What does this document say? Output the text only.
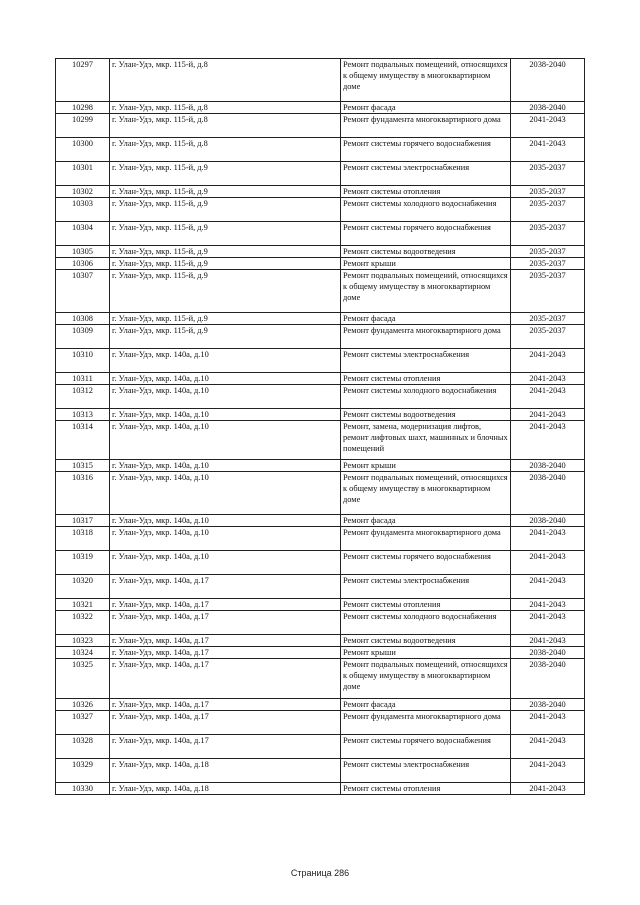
10297	г. Улан-Удэ, мкр. 115-й, д.8	Ремонт подвальных помещений, относящихся к общему имуществу в многоквартирном доме	2038-2040
10298	г. Улан-Удэ, мкр. 115-й, д.8	Ремонт фасада	2038-2040
10299	г. Улан-Удэ, мкр. 115-й, д.8	Ремонт фундамента многоквартирного дома	2041-2043
10300	г. Улан-Удэ, мкр. 115-й, д.8	Ремонт системы горячего водоснабжения	2041-2043
10301	г. Улан-Удэ, мкр. 115-й, д.9	Ремонт системы электроснабжения	2035-2037
10302	г. Улан-Удэ, мкр. 115-й, д.9	Ремонт системы отопления	2035-2037
10303	г. Улан-Удэ, мкр. 115-й, д.9	Ремонт системы холодного водоснабжения	2035-2037
10304	г. Улан-Удэ, мкр. 115-й, д.9	Ремонт системы горячего водоснабжения	2035-2037
10305	г. Улан-Удэ, мкр. 115-й, д.9	Ремонт системы водоотведения	2035-2037
10306	г. Улан-Удэ, мкр. 115-й, д.9	Ремонт крыши	2035-2037
10307	г. Улан-Удэ, мкр. 115-й, д.9	Ремонт подвальных помещений, относящихся к общему имуществу в многоквартирном доме	2035-2037
10308	г. Улан-Удэ, мкр. 115-й, д.9	Ремонт фасада	2035-2037
10309	г. Улан-Удэ, мкр. 115-й, д.9	Ремонт фундамента многоквартирного дома	2035-2037
10310	г. Улан-Удэ, мкр. 140а, д.10	Ремонт системы электроснабжения	2041-2043
10311	г. Улан-Удэ, мкр. 140а, д.10	Ремонт системы отопления	2041-2043
10312	г. Улан-Удэ, мкр. 140а, д.10	Ремонт системы холодного водоснабжения	2041-2043
10313	г. Улан-Удэ, мкр. 140а, д.10	Ремонт системы водоотведения	2041-2043
10314	г. Улан-Удэ, мкр. 140а, д.10	Ремонт, замена, модернизация лифтов, ремонт лифтовых шахт, машинных и блочных помещений	2041-2043
10315	г. Улан-Удэ, мкр. 140а, д.10	Ремонт крыши	2038-2040
10316	г. Улан-Удэ, мкр. 140а, д.10	Ремонт подвальных помещений, относящихся к общему имуществу в многоквартирном доме	2038-2040
10317	г. Улан-Удэ, мкр. 140а, д.10	Ремонт фасада	2038-2040
10318	г. Улан-Удэ, мкр. 140а, д.10	Ремонт фундамента многоквартирного дома	2041-2043
10319	г. Улан-Удэ, мкр. 140а, д.10	Ремонт системы горячего водоснабжения	2041-2043
10320	г. Улан-Удэ, мкр. 140а, д.17	Ремонт системы электроснабжения	2041-2043
10321	г. Улан-Удэ, мкр. 140а, д.17	Ремонт системы отопления	2041-2043
10322	г. Улан-Удэ, мкр. 140а, д.17	Ремонт системы холодного водоснабжения	2041-2043
10323	г. Улан-Удэ, мкр. 140а, д.17	Ремонт системы водоотведения	2041-2043
10324	г. Улан-Удэ, мкр. 140а, д.17	Ремонт крыши	2038-2040
10325	г. Улан-Удэ, мкр. 140а, д.17	Ремонт подвальных помещений, относящихся к общему имуществу в многоквартирном доме	2038-2040
10326	г. Улан-Удэ, мкр. 140а, д.17	Ремонт фасада	2038-2040
10327	г. Улан-Удэ, мкр. 140а, д.17	Ремонт фундамента многоквартирного дома	2041-2043
10328	г. Улан-Удэ, мкр. 140а, д.17	Ремонт системы горячего водоснабжения	2041-2043
10329	г. Улан-Удэ, мкр. 140а, д.18	Ремонт системы электроснабжения	2041-2043
10330	г. Улан-Удэ, мкр. 140а, д.18	Ремонт системы отопления	2041-2043
Страница 286
